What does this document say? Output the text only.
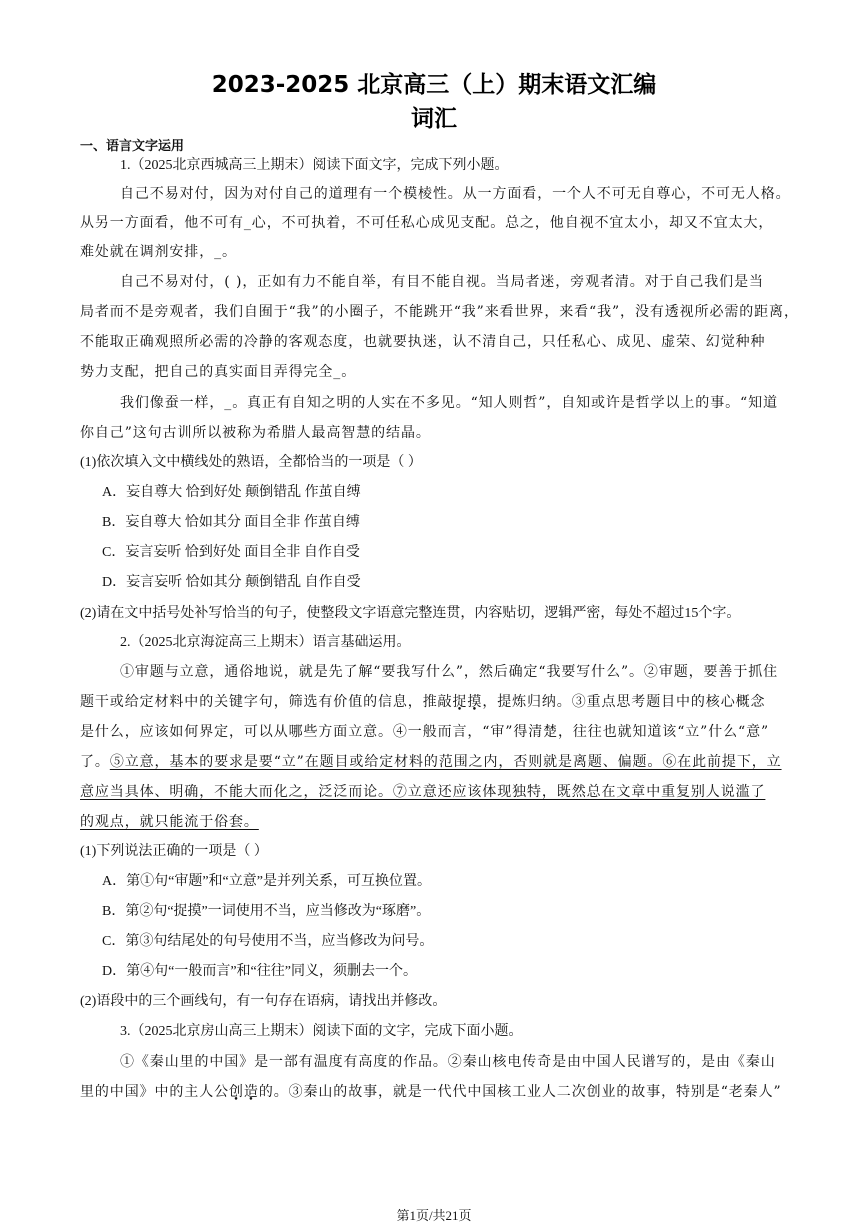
2023-2025 北京高三（上）期末语文汇编
词汇
一、语言文字运用
1.（2025北京西城高三上期末）阅读下面文字，完成下列小题。
自己不易对付，因为对付自己的道理有一个模棱性。从一方面看，一个人不可无自尊心，不可无人格。
从另一方面看，他不可有_心，不可执着，不可任私心成见支配。总之，他自视不宜太小，却又不宜太大，
难处就在调剂安排，_。
自己不易对付，( )，正如有力不能自举，有目不能自视。当局者迷，旁观者清。对于自己我们是当
局者而不是旁观者，我们自囿于“我”的小圈子，不能跳开“我”来看世界，来看“我”，没有透视所必需的距离，
不能取正确观照所必需的冷静的客观态度，也就要执迷，认不清自己，只任私心、成见、虚荣、幻觉种种
势力支配，把自己的真实面目弄得完全_。
我们像蚕一样，_。真正有自知之明的人实在不多见。“知人则哲”，自知或许是哲学以上的事。“知道
你自己”这句古训所以被称为希腊人最高智慧的结晶。
(1)依次填入文中横线处的熟语，全都恰当的一项是（ ）
A．妄自尊大 恰到好处 颠倒错乱 作茧自缚
B．妄自尊大 恰如其分 面目全非 作茧自缚
C．妄言妄听 恰到好处 面目全非 自作自受
D．妄言妄听 恰如其分 颠倒错乱 自作自受
(2)请在文中括号处补写恰当的句子，使整段文字语意完整连贯，内容贴切，逻辑严密，每处不超过15个字。
2.（2025北京海淀高三上期末）语言基础运用。
①审题与立意，通俗地说，就是先了解“要我写什么”，然后确定“我要写什么”。②审题，要善于抓住
题干或给定材料中的关键字句，筛选有价值的信息，推敲捉摸，提炼归纳。③重点思考题目中的核心概念
是什么，应该如何界定，可以从哪些方面立意。④一般而言，“审”得清楚，往往也就知道该“立”什么“意”
了。⑤立意，基本的要求是要“立”在题目或给定材料的范围之内，否则就是离题、偏题。⑥在此前提下，立
意应当具体、明确，不能大而化之，泛泛而论。⑦立意还应该体现独特，既然总在文章中重复别人说滥了
的观点，就只能流于俗套。
(1)下列说法正确的一项是（ ）
A．第①句“审题”和“立意”是并列关系，可互换位置。
B．第②句“捉摸”一词使用不当，应当修改为“琢磨”。
C．第③句结尾处的句号使用不当，应当修改为问号。
D．第④句“一般而言”和“往往”同义，须删去一个。
(2)语段中的三个画线句，有一句存在语病，请找出并修改。
3.（2025北京房山高三上期末）阅读下面的文字，完成下面小题。
①《秦山里的中国》是一部有温度有高度的作品。②秦山核电传奇是由中国人民谱写的，是由《秦山
里的中国》中的主人公创造的。③秦山的故事，就是一代代中国核工业人二次创业的故事，特别是“老秦人”
第1页/共21页
